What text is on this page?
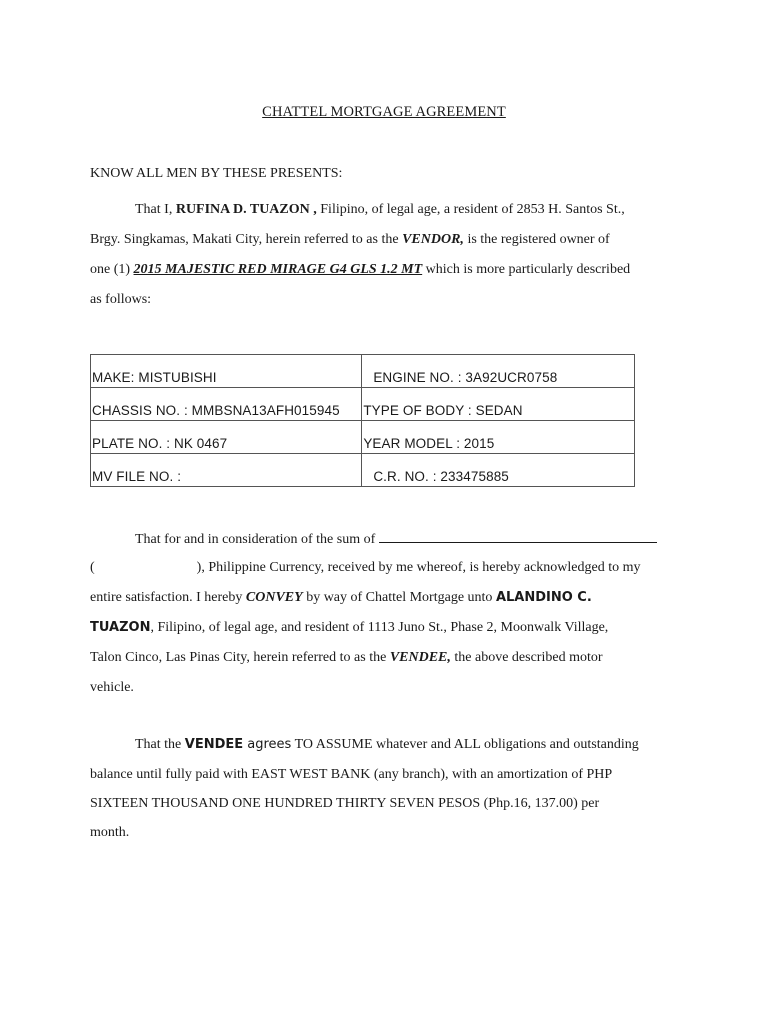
CHATTEL MORTGAGE AGREEMENT
KNOW ALL MEN BY THESE PRESENTS:
That I, RUFINA D. TUAZON , Filipino, of legal age, a resident of 2853 H. Santos St.,
Brgy. Singkamas, Makati City, herein referred to as the VENDOR, is the registered owner of
one (1) 2015 MAJESTIC RED MIRAGE G4 GLS 1.2 MT which is more particularly described
as follows:
MAKE: MISTUBISHI	ENGINE NO. : 3A92UCR0758
CHASSIS NO. : MMBSNA13AFH015945	TYPE OF BODY : SEDAN
PLATE NO. : NK 0467	YEAR MODEL : 2015
MV FILE NO. :	C.R. NO. : 233475885
That for and in consideration of the sum of
(	), Philippine Currency, received by me whereof, is hereby acknowledged to my
entire satisfaction. I hereby CONVEY by way of Chattel Mortgage unto ALANDINO C.
TUAZON, Filipino, of legal age, and resident of 1113 Juno St., Phase 2, Moonwalk Village,
Talon Cinco, Las Pinas City, herein referred to as the VENDEE, the above described motor
vehicle.
That the VENDEE agrees TO ASSUME whatever and ALL obligations and outstanding
balance until fully paid with EAST WEST BANK (any branch), with an amortization of PHP
SIXTEEN THOUSAND ONE HUNDRED THIRTY SEVEN PESOS (Php.16, 137.00) per
month.
